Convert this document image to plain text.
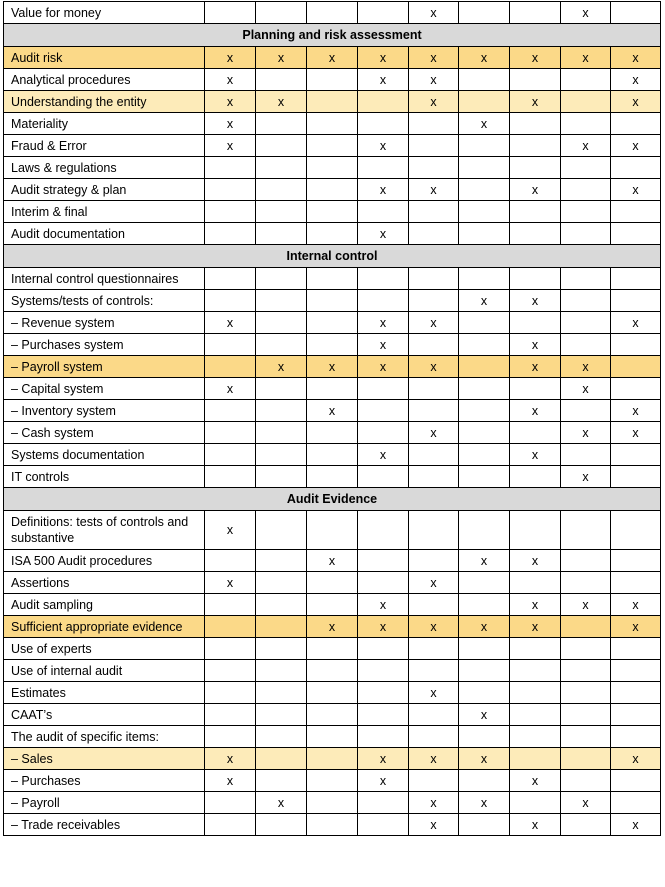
Value for money					x			x	
Planning and risk assessment									
Audit risk	x	x	x	x	x	x	x	x	x
Analytical procedures	x			x	x				x
Understanding the entity	x	x			x		x		x
Materiality	x					x			
Fraud & Error	x			x				x	x
Laws & regulations									
Audit strategy & plan				x	x		x		x
Interim & final									
Audit documentation				x					
Internal control									
Internal control questionnaires									
Systems/tests of controls:						x	x		
– Revenue system	x			x	x				x
– Purchases system				x			x		
– Payroll system		x	x	x	x		x	x	
– Capital system	x							x	
– Inventory system			x				x		x
– Cash system					x			x	x
Systems documentation				x			x		
IT controls								x	
Audit Evidence									
Definitions: tests of controls and substantive	x								
ISA 500 Audit procedures			x			x	x		
Assertions	x				x				
Audit sampling				x			x	x	x
Sufficient appropriate evidence			x	x	x	x	x		x
Use of experts									
Use of internal audit									
Estimates					x				
CAAT’s						x			
The audit of specific items:									
– Sales	x			x	x	x			x
– Purchases	x			x			x		
– Payroll		x			x	x		x	
– Trade receivables					x		x		x
